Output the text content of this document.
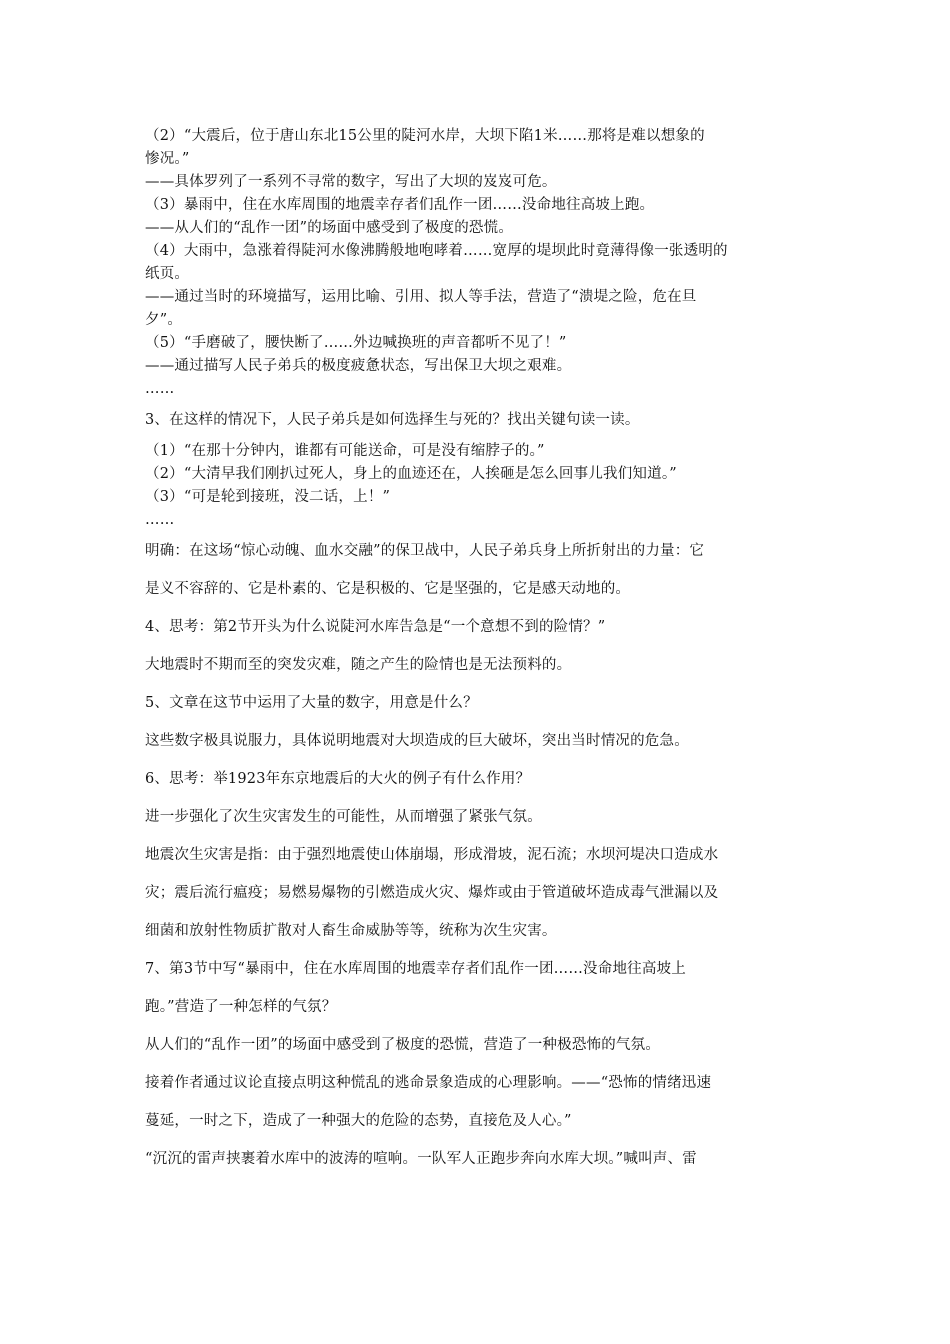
（2）“大震后，位于唐山东北15公里的陡河水岸，大坝下陷1米……那将是难以想象的
惨况。”
——具体罗列了一系列不寻常的数字，写出了大坝的岌岌可危。
（3）暴雨中，住在水库周围的地震幸存者们乱作一团……没命地往高坡上跑。
——从人们的“乱作一团”的场面中感受到了极度的恐慌。
（4）大雨中，急涨着得陡河水像沸腾般地咆哮着……宽厚的堤坝此时竟薄得像一张透明的
纸页。
——通过当时的环境描写，运用比喻、引用、拟人等手法，营造了“溃堤之险，危在旦
夕”。
（5）“手磨破了，腰快断了……外边喊换班的声音都听不见了！”
——通过描写人民子弟兵的极度疲惫状态，写出保卫大坝之艰难。
……
3、在这样的情况下，人民子弟兵是如何选择生与死的？找出关键句读一读。
（1）“在那十分钟内，谁都有可能送命，可是没有缩脖子的。”
（2）“大清早我们刚扒过死人，身上的血迹还在，人挨砸是怎么回事儿我们知道。”
（3）“可是轮到接班，没二话，上！”
……
明确：在这场“惊心动魄、血水交融”的保卫战中，人民子弟兵身上所折射出的力量：它
是义不容辞的、它是朴素的、它是积极的、它是坚强的，它是感天动地的。
4、思考：第2节开头为什么说陡河水库告急是“一个意想不到的险情？”
大地震时不期而至的突发灾难，随之产生的险情也是无法预料的。
5、文章在这节中运用了大量的数字，用意是什么？
这些数字极具说服力，具体说明地震对大坝造成的巨大破坏，突出当时情况的危急。
6、思考：举1923年东京地震后的大火的例子有什么作用？
进一步强化了次生灾害发生的可能性，从而增强了紧张气氛。
地震次生灾害是指：由于强烈地震使山体崩塌，形成滑坡，泥石流；水坝河堤决口造成水
灾；震后流行瘟疫；易燃易爆物的引燃造成火灾、爆炸或由于管道破坏造成毒气泄漏以及
细菌和放射性物质扩散对人畜生命威胁等等，统称为次生灾害。
7、第3节中写“暴雨中，住在水库周围的地震幸存者们乱作一团……没命地往高坡上
跑。”营造了一种怎样的气氛？
从人们的“乱作一团”的场面中感受到了极度的恐慌，营造了一种极恐怖的气氛。
接着作者通过议论直接点明这种慌乱的逃命景象造成的心理影响。——“恐怖的情绪迅速
蔓延，一时之下，造成了一种强大的危险的态势，直接危及人心。”
“沉沉的雷声挟裹着水库中的波涛的喧响。一队军人正跑步奔向水库大坝。”喊叫声、雷
